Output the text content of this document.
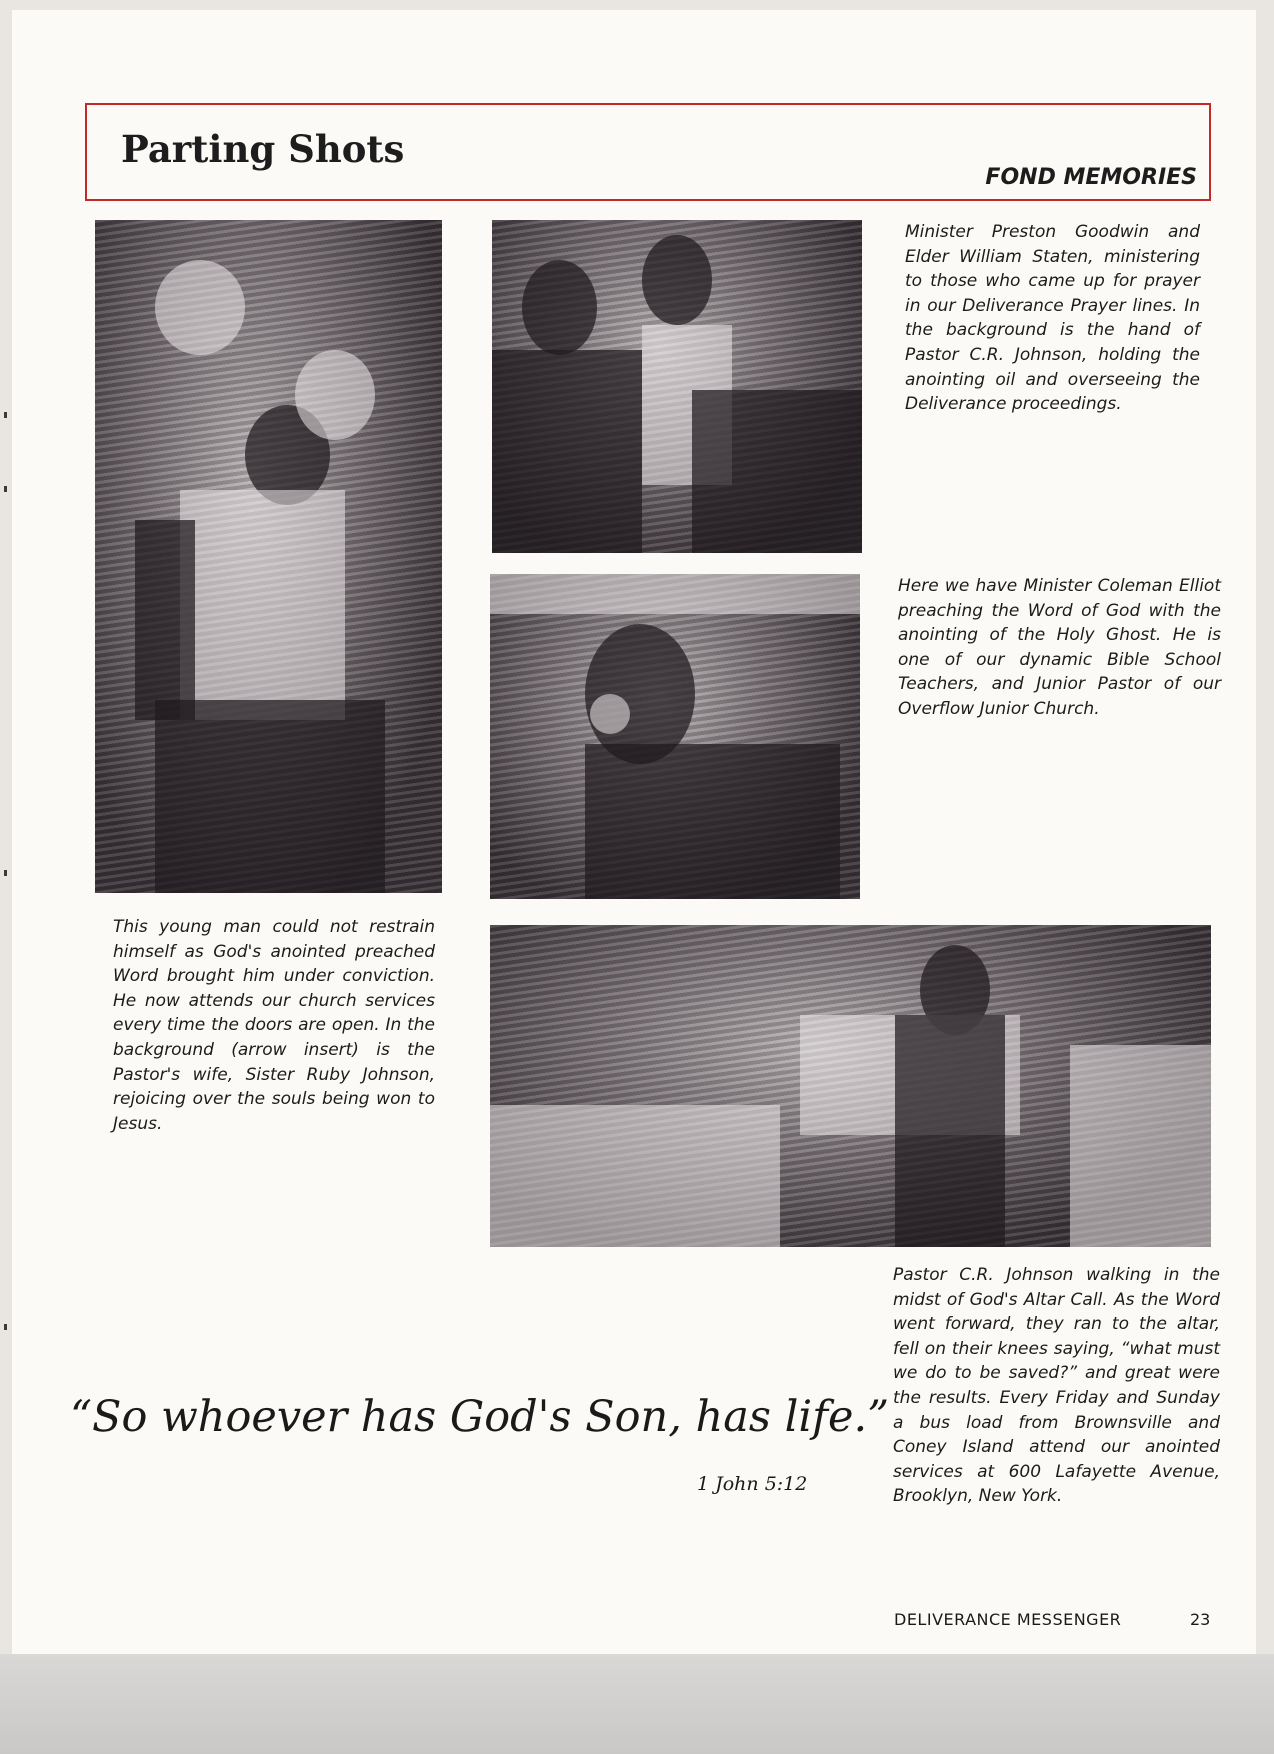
Parting Shots
FOND MEMORIES

Minister Preston Goodwin and Elder William Staten, ministering to those who came up for prayer in our Deliverance Prayer lines. In the background is the hand of Pastor C.R. Johnson, holding the anointing oil and overseeing the Deliverance proceedings.

Here we have Minister Coleman Elliot preaching the Word of God with the anointing of the Holy Ghost. He is one of our dynamic Bible School Teachers, and Junior Pastor of our Overflow Junior Church.

This young man could not restrain himself as God's anointed preached Word brought him under conviction. He now attends our church services every time the doors are open. In the background (arrow insert) is the Pastor's wife, Sister Ruby Johnson, rejoicing over the souls being won to Jesus.

Pastor C.R. Johnson walking in the midst of God's Altar Call. As the Word went forward, they ran to the altar, fell on their knees saying, “what must we do to be saved?” and great were the results. Every Friday and Sunday a bus load from Brownsville and Coney Island attend our anointed services at 600 Lafayette Avenue, Brooklyn, New York.

“So whoever has God's Son, has life.”
1 John 5:12
DELIVERANCE MESSENGER	23
